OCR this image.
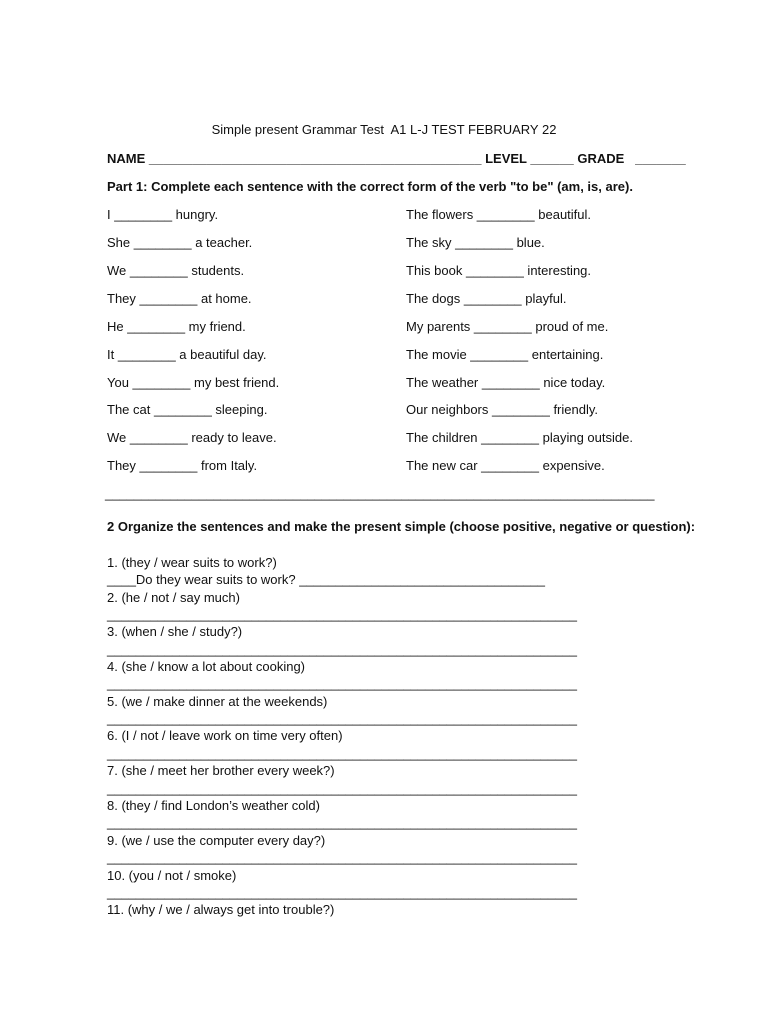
Simple present Grammar Test  A1 L-J TEST FEBRUARY 22
NAME ______________________________________________ LEVEL ______ GRADE   _______
Part 1: Complete each sentence with the correct form of the verb "to be" (am, is, are).
I ________ hungry.
She ________ a teacher.
We ________ students.
They ________ at home.
He ________ my friend.
It ________ a beautiful day.
You ________ my best friend.
The cat ________ sleeping.
We ________ ready to leave.
They ________ from Italy.
The flowers ________ beautiful.
The sky ________ blue.
This book ________ interesting.
The dogs ________ playful.
My parents ________ proud of me.
The movie ________ entertaining.
The weather ________ nice today.
Our neighbors ________ friendly.
The children ________ playing outside.
The new car ________ expensive.
____________________________________________________________________________
2 Organize the sentences and make the present simple (choose positive, negative or question):
1. (they / wear suits to work?)
____Do they wear suits to work? __________________________________
2. (he / not / say much)
_________________________________________________________________
3. (when / she / study?)
_________________________________________________________________
4. (she / know a lot about cooking)
_________________________________________________________________
5. (we / make dinner at the weekends)
_________________________________________________________________
6. (I / not / leave work on time very often)
_________________________________________________________________
7. (she / meet her brother every week?)
_________________________________________________________________
8. (they / find London’s weather cold)
_________________________________________________________________
9. (we / use the computer every day?)
_________________________________________________________________
10. (you / not / smoke)
_________________________________________________________________
11. (why / we / always get into trouble?)
